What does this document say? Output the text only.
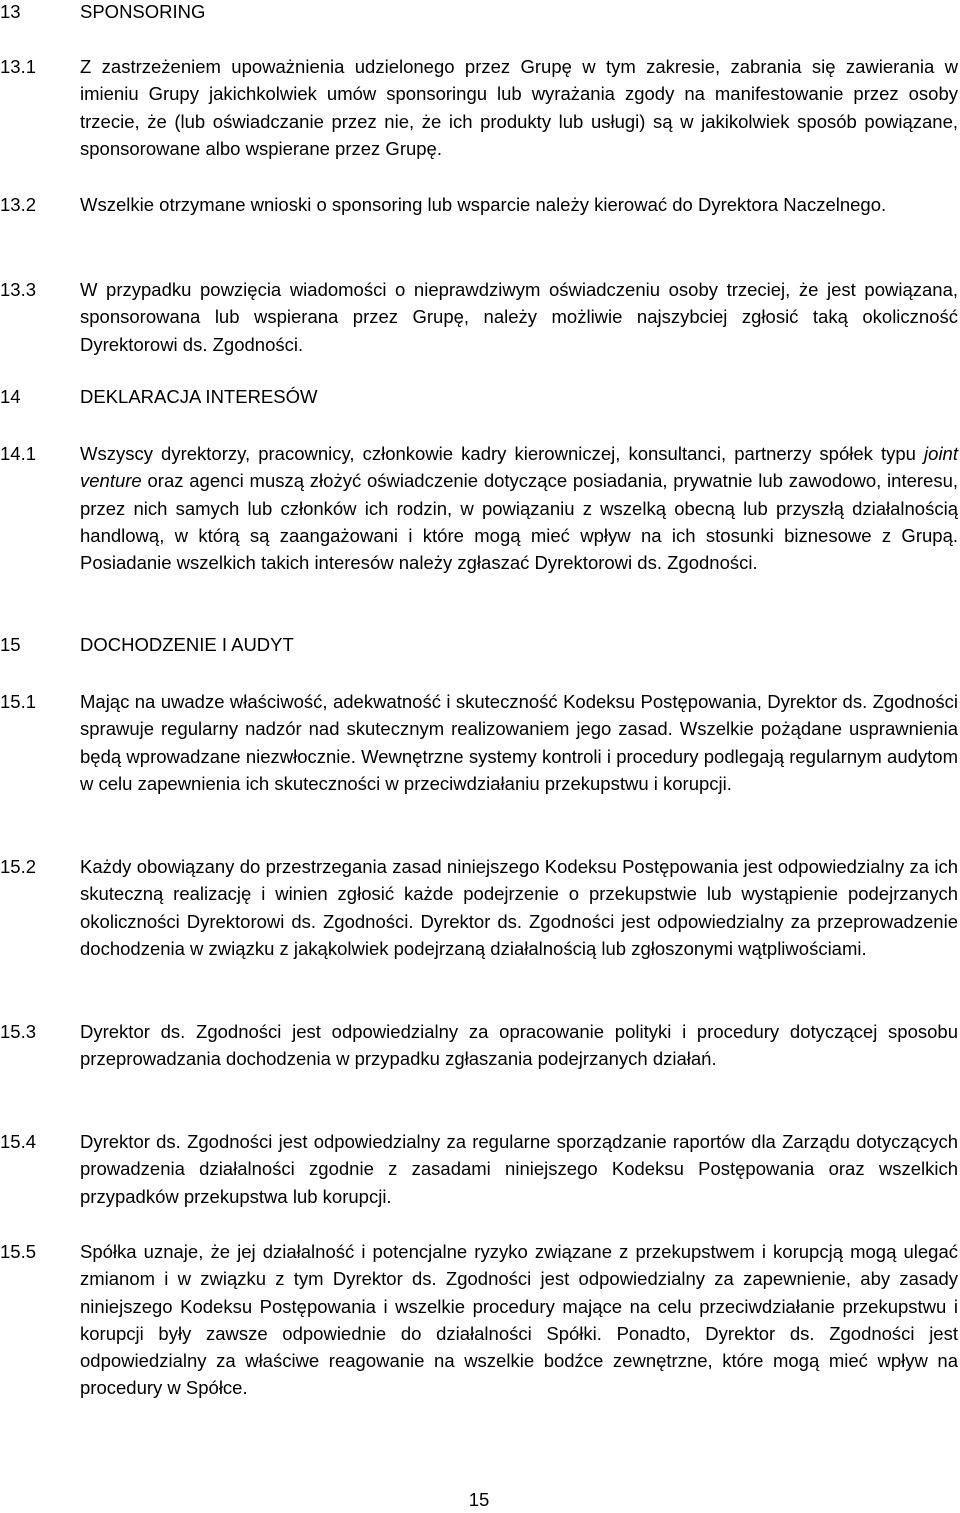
13	SPONSORING
13.1 Z zastrzeżeniem upoważnienia udzielonego przez Grupę w tym zakresie, zabrania się zawierania w imieniu Grupy jakichkolwiek umów sponsoringu lub wyrażania zgody na manifestowanie przez osoby trzecie, że (lub oświadczanie przez nie, że ich produkty lub usługi) są w jakikolwiek sposób powiązane, sponsorowane albo wspierane przez Grupę.
13.2 Wszelkie otrzymane wnioski o sponsoring lub wsparcie należy kierować do Dyrektora Naczelnego.
13.3 W przypadku powzięcia wiadomości o nieprawdziwym oświadczeniu osoby trzeciej, że jest powiązana, sponsorowana lub wspierana przez Grupę, należy możliwie najszybciej zgłosić taką okoliczność Dyrektorowi ds. Zgodności.
14	DEKLARACJA INTERESÓW
14.1 Wszyscy dyrektorzy, pracownicy, członkowie kadry kierowniczej, konsultanci, partnerzy spółek typu joint venture oraz agenci muszą złożyć oświadczenie dotyczące posiadania, prywatnie lub zawodowo, interesu, przez nich samych lub członków ich rodzin, w powiązaniu z wszelką obecną lub przyszłą działalnością handlową, w którą są zaangażowani i które mogą mieć wpływ na ich stosunki biznesowe z Grupą. Posiadanie wszelkich takich interesów należy zgłaszać Dyrektorowi ds. Zgodności.
15	DOCHODZENIE I AUDYT
15.1 Mając na uwadze właściwość, adekwatność i skuteczność Kodeksu Postępowania, Dyrektor ds. Zgodności sprawuje regularny nadzór nad skutecznym realizowaniem jego zasad. Wszelkie pożądane usprawnienia będą wprowadzane niezwłocznie. Wewnętrzne systemy kontroli i procedury podlegają regularnym audytom w celu zapewnienia ich skuteczności w przeciwdziałaniu przekupstwu i korupcji.
15.2 Każdy obowiązany do przestrzegania zasad niniejszego Kodeksu Postępowania jest odpowiedzialny za ich skuteczną realizację i winien zgłosić każde podejrzenie o przekupstwie lub wystąpienie podejrzanych okoliczności Dyrektorowi ds. Zgodności. Dyrektor ds. Zgodności jest odpowiedzialny za przeprowadzenie dochodzenia w związku z jakąkolwiek podejrzaną działalnością lub zgłoszonymi wątpliwościami.
15.3 Dyrektor ds. Zgodności jest odpowiedzialny za opracowanie polityki i procedury dotyczącej sposobu przeprowadzania dochodzenia w przypadku zgłaszania podejrzanych działań.
15.4 Dyrektor ds. Zgodności jest odpowiedzialny za regularne sporządzanie raportów dla Zarządu dotyczących prowadzenia działalności zgodnie z zasadami niniejszego Kodeksu Postępowania oraz wszelkich przypadków przekupstwa lub korupcji.
15.5 Spółka uznaje, że jej działalność i potencjalne ryzyko związane z przekupstwem i korupcją mogą ulegać zmianom i w związku z tym Dyrektor ds. Zgodności jest odpowiedzialny za zapewnienie, aby zasady niniejszego Kodeksu Postępowania i wszelkie procedury mające na celu przeciwdziałanie przekupstwu i korupcji były zawsze odpowiednie do działalności Spółki. Ponadto, Dyrektor ds. Zgodności jest odpowiedzialny za właściwe reagowanie na wszelkie bodźce zewnętrzne, które mogą mieć wpływ na procedury w Spółce.
15
